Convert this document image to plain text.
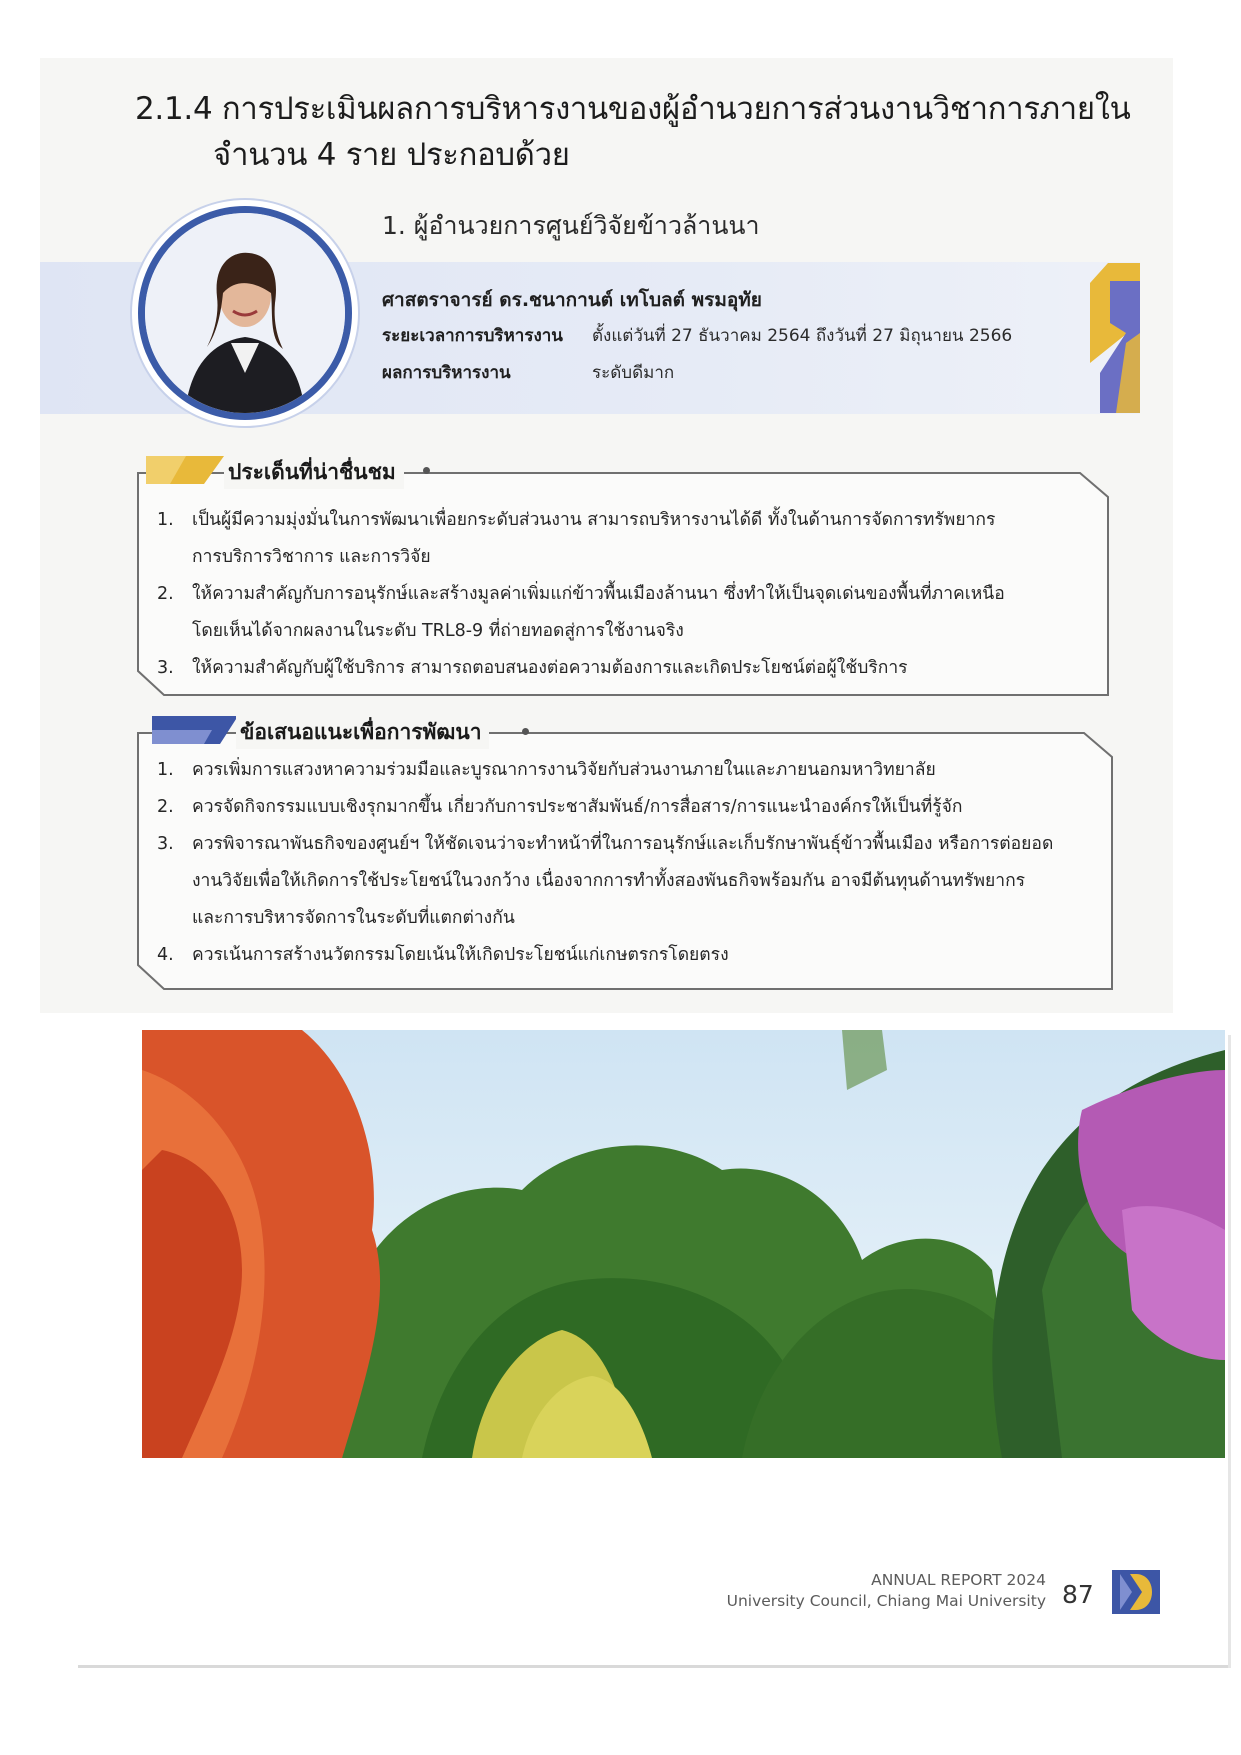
2.1.4 การประเมินผลการบริหารงานของผู้อำนวยการส่วนงานวิชาการภายใน
จำนวน 4 ราย ประกอบด้วย
1. ผู้อำนวยการศูนย์วิจัยข้าวล้านนา
ศาสตราจารย์ ดร.ชนากานต์ เทโบลต์ พรมอุทัย
ระยะเวลาการบริหารงาน ตั้งแต่วันที่ 27 ธันวาคม 2564 ถึงวันที่ 27 มิถุนายน 2566
ผลการบริหารงาน	ระดับดีมาก
ประเด็นที่น่าชื่นชม
1. เป็นผู้มีความมุ่งมั่นในการพัฒนาเพื่อยกระดับส่วนงาน สามารถบริหารงานได้ดี ทั้งในด้านการจัดการทรัพยากร
การบริการวิชาการ และการวิจัย
2. ให้ความสำคัญกับการอนุรักษ์และสร้างมูลค่าเพิ่มแก่ข้าวพื้นเมืองล้านนา ซึ่งทำให้เป็นจุดเด่นของพื้นที่ภาคเหนือ
โดยเห็นได้จากผลงานในระดับ TRL8-9 ที่ถ่ายทอดสู่การใช้งานจริง
3. ให้ความสำคัญกับผู้ใช้บริการ สามารถตอบสนองต่อความต้องการและเกิดประโยชน์ต่อผู้ใช้บริการ
ข้อเสนอแนะเพื่อการพัฒนา
1. ควรเพิ่มการแสวงหาความร่วมมือและบูรณาการงานวิจัยกับส่วนงานภายในและภายนอกมหาวิทยาลัย
2. ควรจัดกิจกรรมแบบเชิงรุกมากขึ้น เกี่ยวกับการประชาสัมพันธ์/การสื่อสาร/การแนะนำองค์กรให้เป็นที่รู้จัก
3. ควรพิจารณาพันธกิจของศูนย์ฯ ให้ชัดเจนว่าจะทำหน้าที่ในการอนุรักษ์และเก็บรักษาพันธุ์ข้าวพื้นเมือง หรือการต่อยอด
งานวิจัยเพื่อให้เกิดการใช้ประโยชน์ในวงกว้าง เนื่องจากการทำทั้งสองพันธกิจพร้อมกัน อาจมีต้นทุนด้านทรัพยากร
และการบริหารจัดการในระดับที่แตกต่างกัน
4. ควรเน้นการสร้างนวัตกรรมโดยเน้นให้เกิดประโยชน์แก่เกษตรกรโดยตรง
ANNUAL REPORT 2024
University Council, Chiang Mai University 87
